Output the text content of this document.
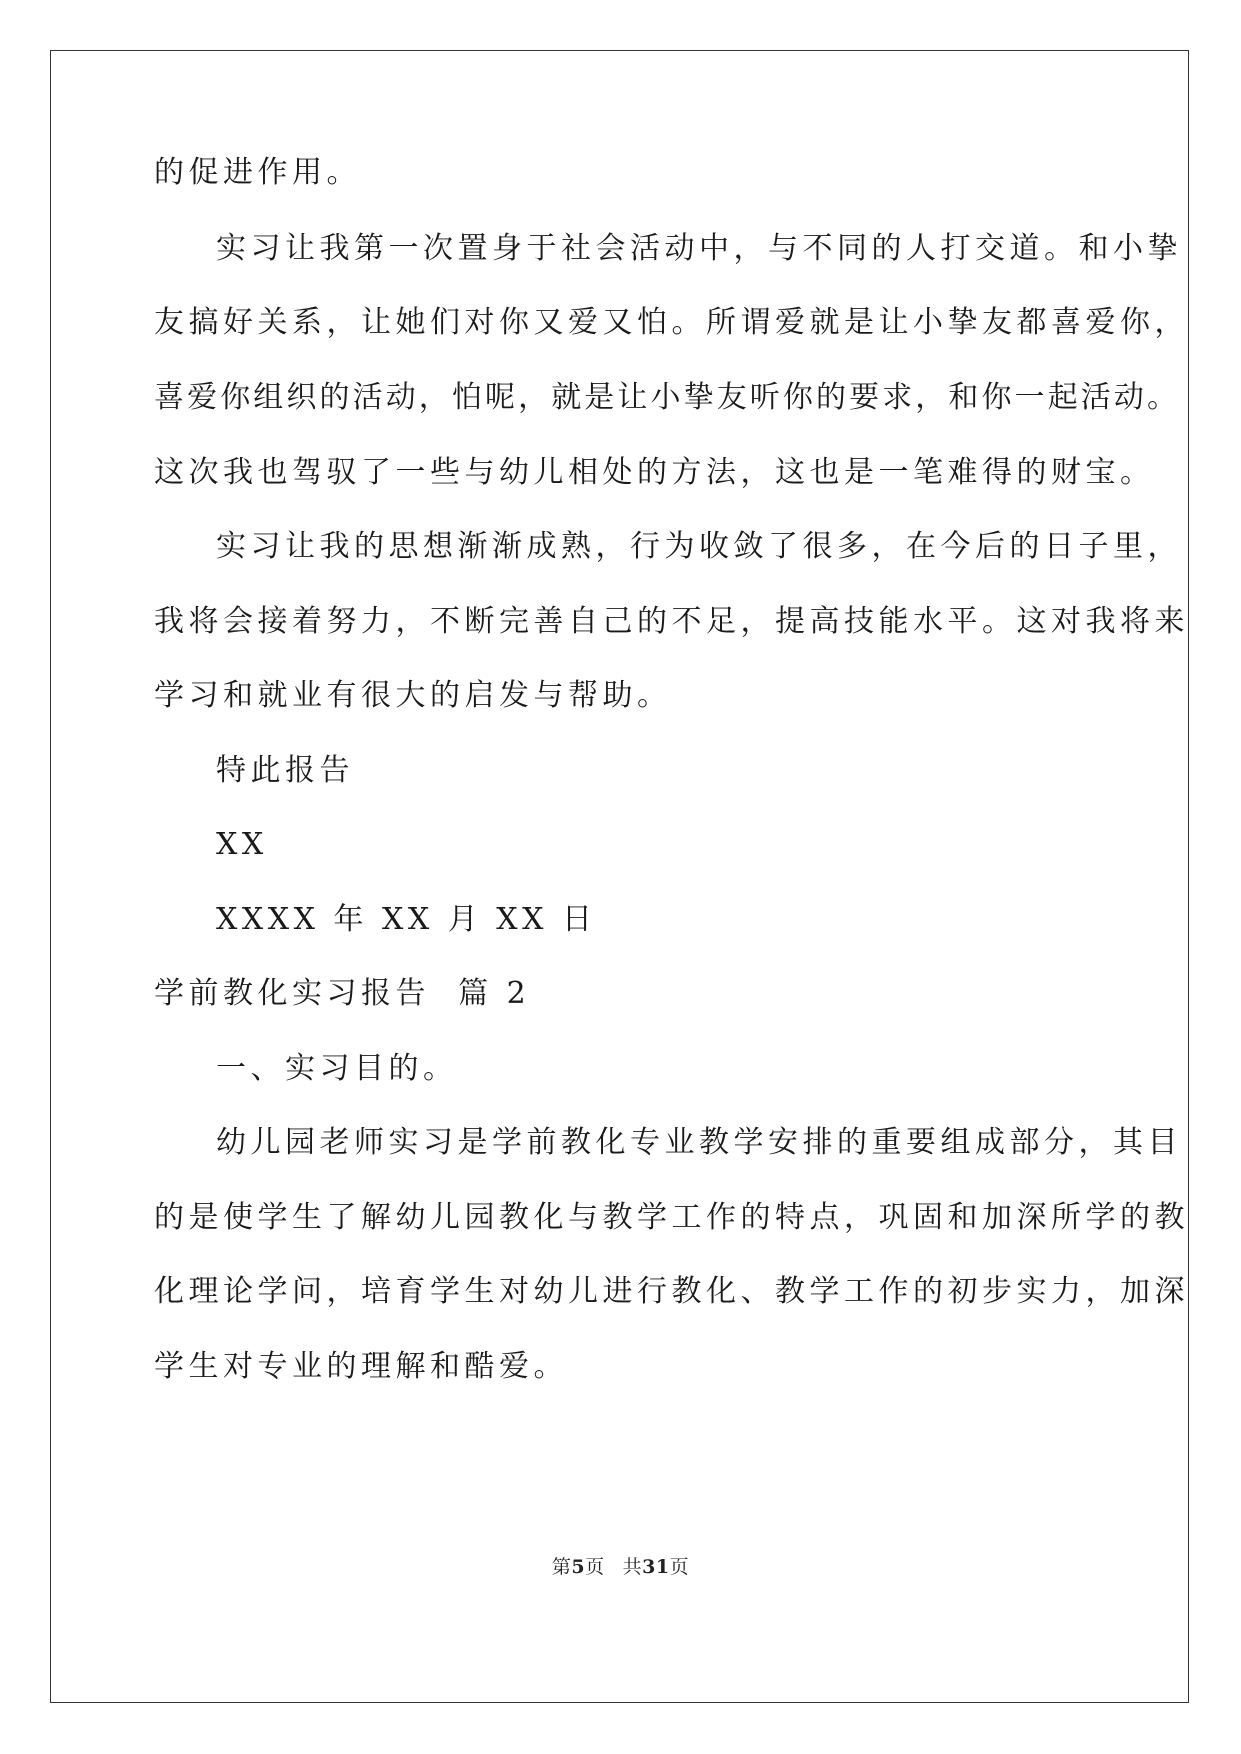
的促进作用。
实习让我第一次置身于社会活动中，与不同的人打交道。和小挚
友搞好关系，让她们对你又爱又怕。所谓爱就是让小挚友都喜爱你，
喜爱你组织的活动，怕呢，就是让小挚友听你的要求，和你一起活动。
这次我也驾驭了一些与幼儿相处的方法，这也是一笔难得的财宝。
实习让我的思想渐渐成熟，行为收敛了很多，在今后的日子里，
我将会接着努力，不断完善自己的不足，提高技能水平。这对我将来
学习和就业有很大的启发与帮助。
特此报告
XX
XXXX 年 XX 月 XX 日
学前教化实习报告  篇 2
一、实习目的。
幼儿园老师实习是学前教化专业教学安排的重要组成部分，其目
的是使学生了解幼儿园教化与教学工作的特点，巩固和加深所学的教
化理论学问，培育学生对幼儿进行教化、教学工作的初步实力，加深
学生对专业的理解和酷爱。
第5页 共31页
